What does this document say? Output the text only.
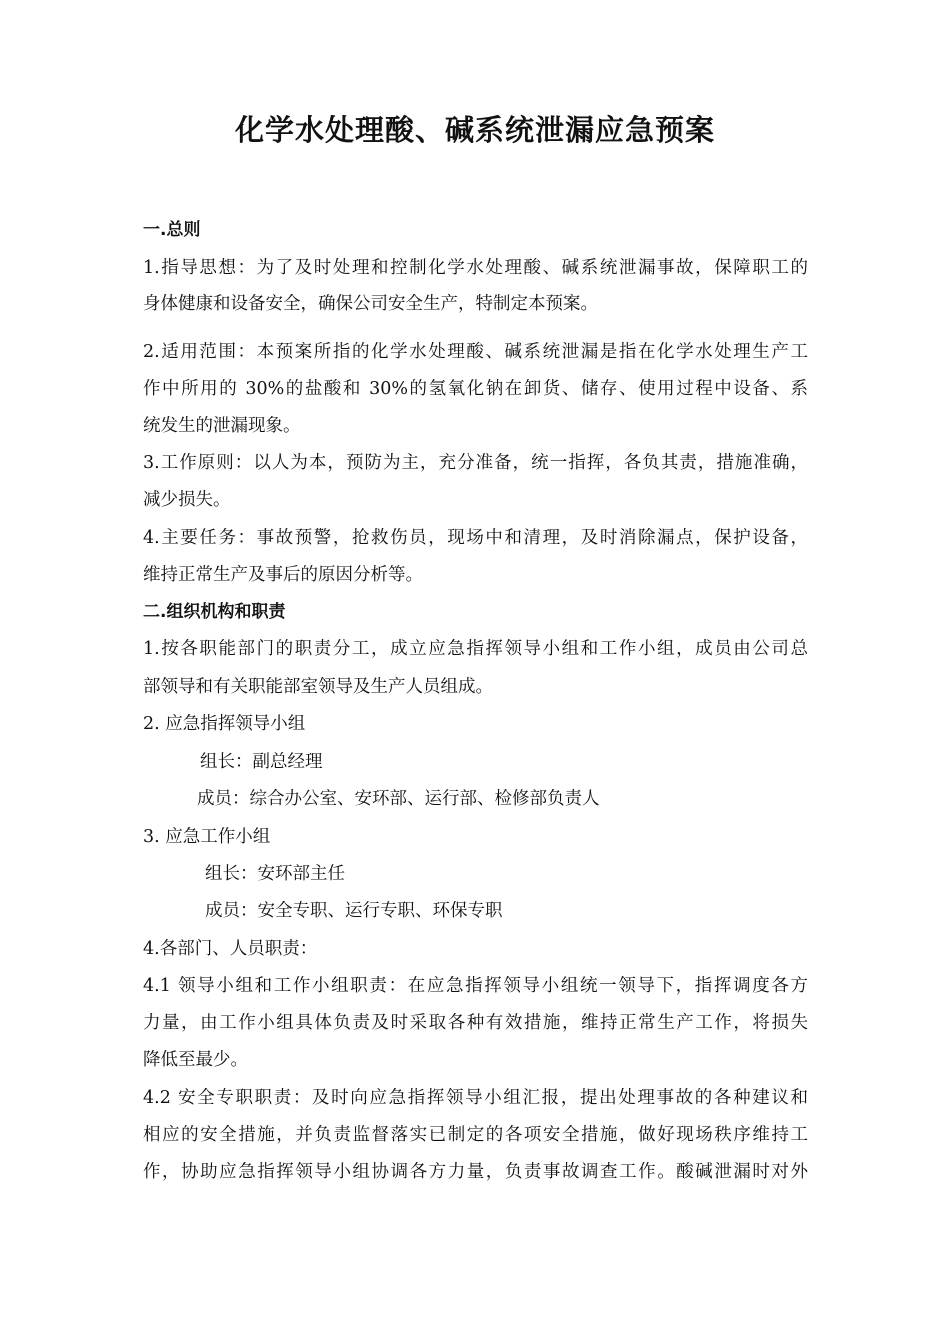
化学水处理酸、碱系统泄漏应急预案
一.总则
1.指导思想：为了及时处理和控制化学水处理酸、碱系统泄漏事故，保障职工的
身体健康和设备安全，确保公司安全生产，特制定本预案。
2.适用范围：本预案所指的化学水处理酸、碱系统泄漏是指在化学水处理生产工
作中所用的 30%的盐酸和 30%的氢氧化钠在卸货、储存、使用过程中设备、系
统发生的泄漏现象。
3.工作原则：以人为本，预防为主，充分准备，统一指挥，各负其责，措施准确，
减少损失。
4.主要任务：事故预警，抢救伤员，现场中和清理，及时消除漏点，保护设备，
维持正常生产及事后的原因分析等。
二.组织机构和职责
1.按各职能部门的职责分工，成立应急指挥领导小组和工作小组，成员由公司总
部领导和有关职能部室领导及生产人员组成。
2. 应急指挥领导小组
组长：副总经理
成员：综合办公室、安环部、运行部、检修部负责人
3. 应急工作小组
组长：安环部主任
成员：安全专职、运行专职、环保专职
4.各部门、人员职责：
4.1 领导小组和工作小组职责：在应急指挥领导小组统一领导下，指挥调度各方
力量，由工作小组具体负责及时采取各种有效措施，维持正常生产工作，将损失
降低至最少。
4.2 安全专职职责：及时向应急指挥领导小组汇报，提出处理事故的各种建议和
相应的安全措施，并负责监督落实已制定的各项安全措施，做好现场秩序维持工
作，协助应急指挥领导小组协调各方力量，负责事故调查工作。酸碱泄漏时对外
